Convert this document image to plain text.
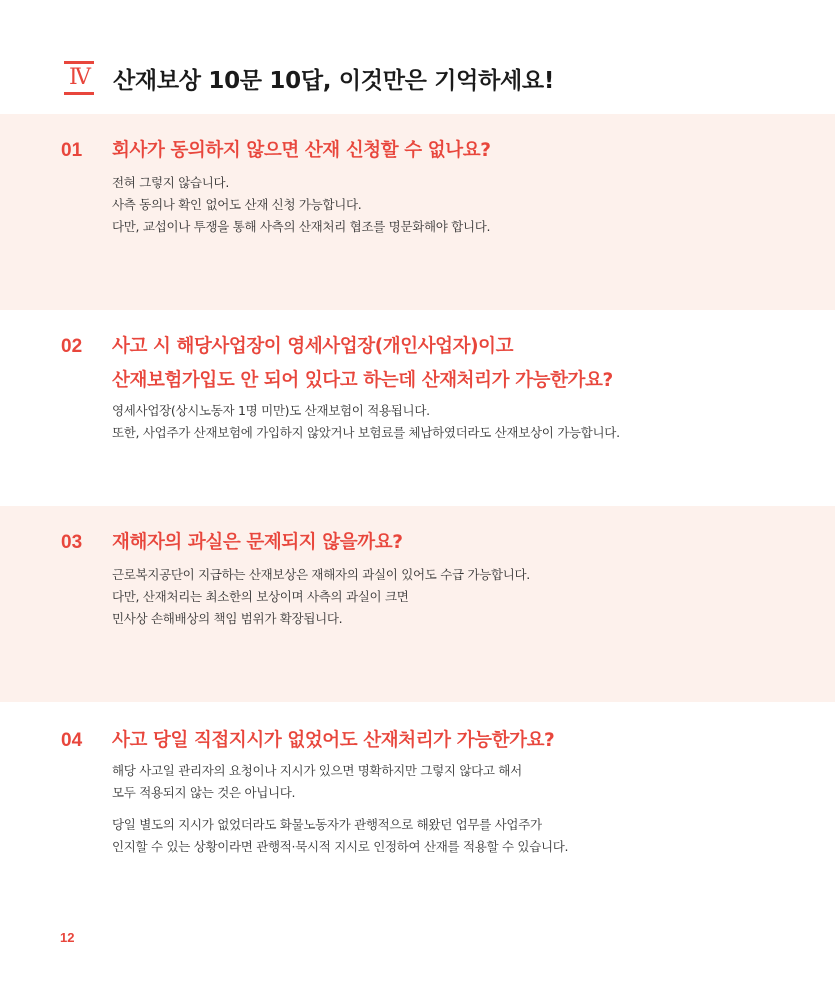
Ⅳ 산재보상 10문 10답, 이것만은 기억하세요!
01 회사가 동의하지 않으면 산재 신청할 수 없나요?

전혀 그렇지 않습니다.

사측 동의나 확인 없어도 산재 신청 가능합니다.

다만, 교섭이나 투쟁을 통해 사측의 산재처리 협조를 명문화해야 합니다.

02 사고 시 해당사업장이 영세사업장(개인사업자)이고
산재보험가입도 안 되어 있다고 하는데 산재처리가 가능한가요?

영세사업장(상시노동자 1명 미만)도 산재보험이 적용됩니다.

또한, 사업주가 산재보험에 가입하지 않았거나 보험료를 체납하였더라도 산재보상이 가능합니다.

03 재해자의 과실은 문제되지 않을까요?

근로복지공단이 지급하는 산재보상은 재해자의 과실이 있어도 수급 가능합니다.

다만, 산재처리는 최소한의 보상이며 사측의 과실이 크면

민사상 손해배상의 책임 범위가 확장됩니다.

04 사고 당일 직접지시가 없었어도 산재처리가 가능한가요?

해당 사고일 관리자의 요청이나 지시가 있으면 명확하지만 그렇지 않다고 해서

모두 적용되지 않는 것은 아닙니다.

당일 별도의 지시가 없었더라도 화물노동자가 관행적으로 해왔던 업무를 사업주가

인지할 수 있는 상황이라면 관행적·묵시적 지시로 인정하여 산재를 적용할 수 있습니다.

12
